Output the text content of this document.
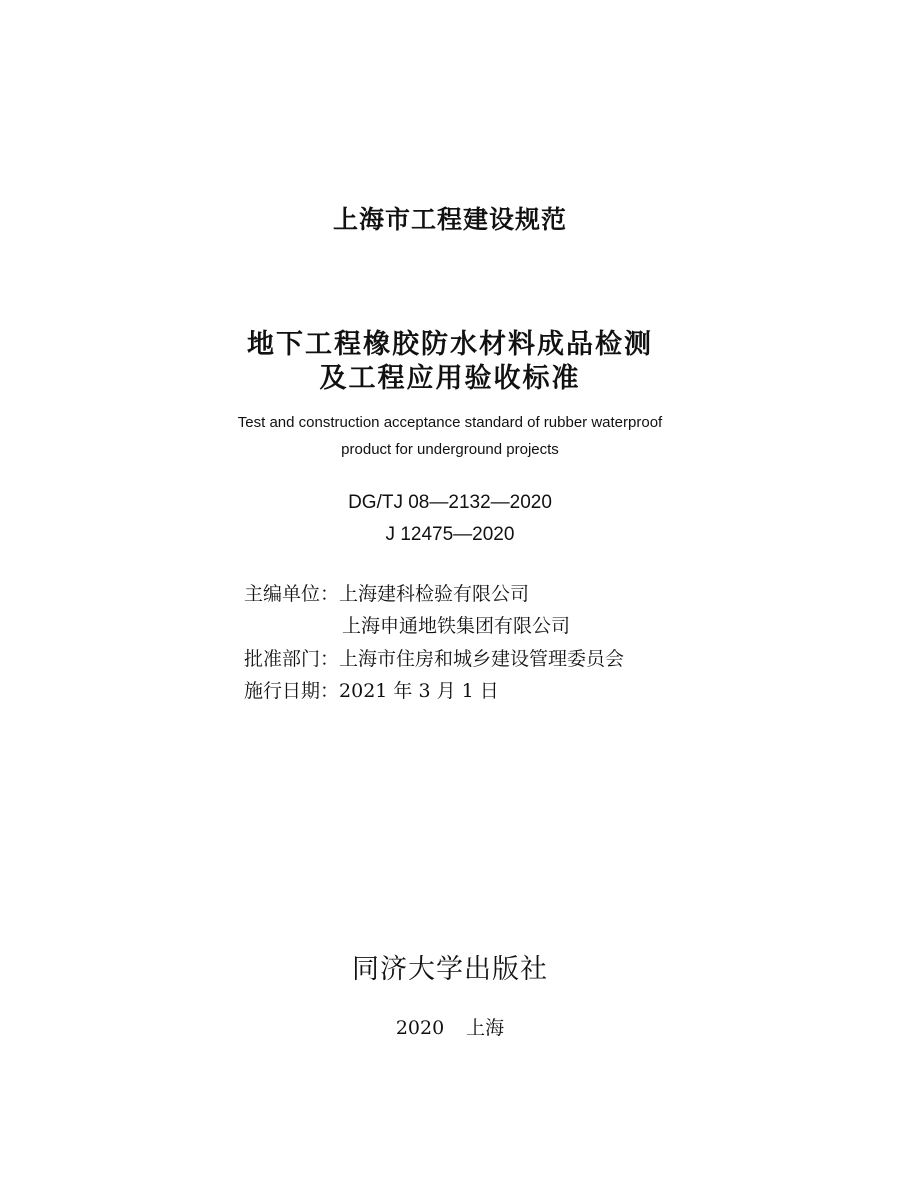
上海市工程建设规范
地下工程橡胶防水材料成品检测
及工程应用验收标准
Test and construction acceptance standard of rubber waterproof
product for underground projects
DG/TJ 08—2132—2020
J 12475—2020
主编单位：上海建科检验有限公司
上海申通地铁集团有限公司
批准部门：上海市住房和城乡建设管理委员会
施行日期：2021 年 3 月 1 日
同济大学出版社
2020 上海
